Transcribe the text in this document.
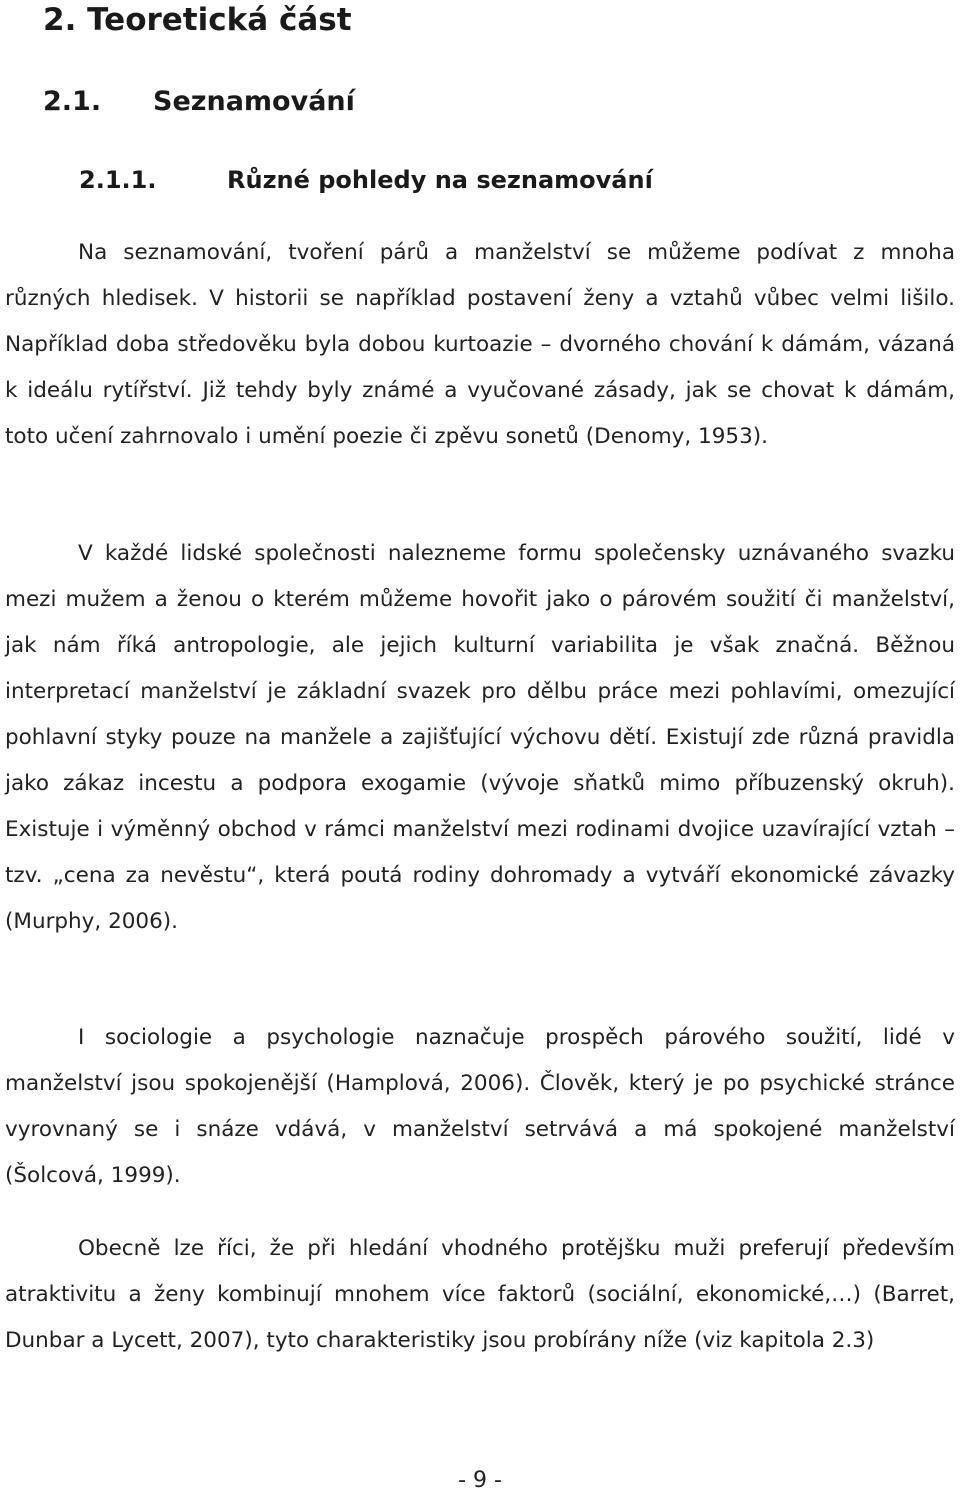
2. Teoretická část
2.1. Seznamování
2.1.1.	Různé pohledy na seznamování

Na seznamování, tvoření párů a manželství se můžeme podívat z mnoha různých hledisek. V historii se například postavení ženy a vztahů vůbec velmi lišilo. Například doba středověku byla dobou kurtoazie – dvorného chování k dámám, vázaná k ideálu rytířství. Již tehdy byly známé a vyučované zásady, jak se chovat k dámám, toto učení zahrnovalo i umění poezie či zpěvu sonetů (Denomy, 1953).

V každé lidské společnosti nalezneme formu společensky uznávaného svazku mezi mužem a ženou o kterém můžeme hovořit jako o párovém soužití či manželství, jak nám říká antropologie, ale jejich kulturní variabilita je však značná. Běžnou interpretací manželství je základní svazek pro dělbu práce mezi pohlavími, omezující pohlavní styky pouze na manžele a zajišťující výchovu dětí. Existují zde různá pravidla jako zákaz incestu a podpora exogamie (vývoje sňatků mimo příbuzenský okruh). Existuje i výměnný obchod v rámci manželství mezi rodinami dvojice uzavírající vztah – tzv. „cena za nevěstu“, která poutá rodiny dohromady a vytváří ekonomické závazky (Murphy, 2006).

I sociologie a psychologie naznačuje prospěch párového soužití, lidé v manželství jsou spokojenější (Hamplová, 2006). Člověk, který je po psychické stránce vyrovnaný se i snáze vdává, v manželství setrvává a má spokojené manželství (Šolcová, 1999).

Obecně lze říci, že při hledání vhodného protějšku muži preferují především atraktivitu a ženy kombinují mnohem více faktorů (sociální, ekonomické,…) (Barret, Dunbar a Lycett, 2007), tyto charakteristiky jsou probírány níže (viz kapitola 2.3)

- 9 -
